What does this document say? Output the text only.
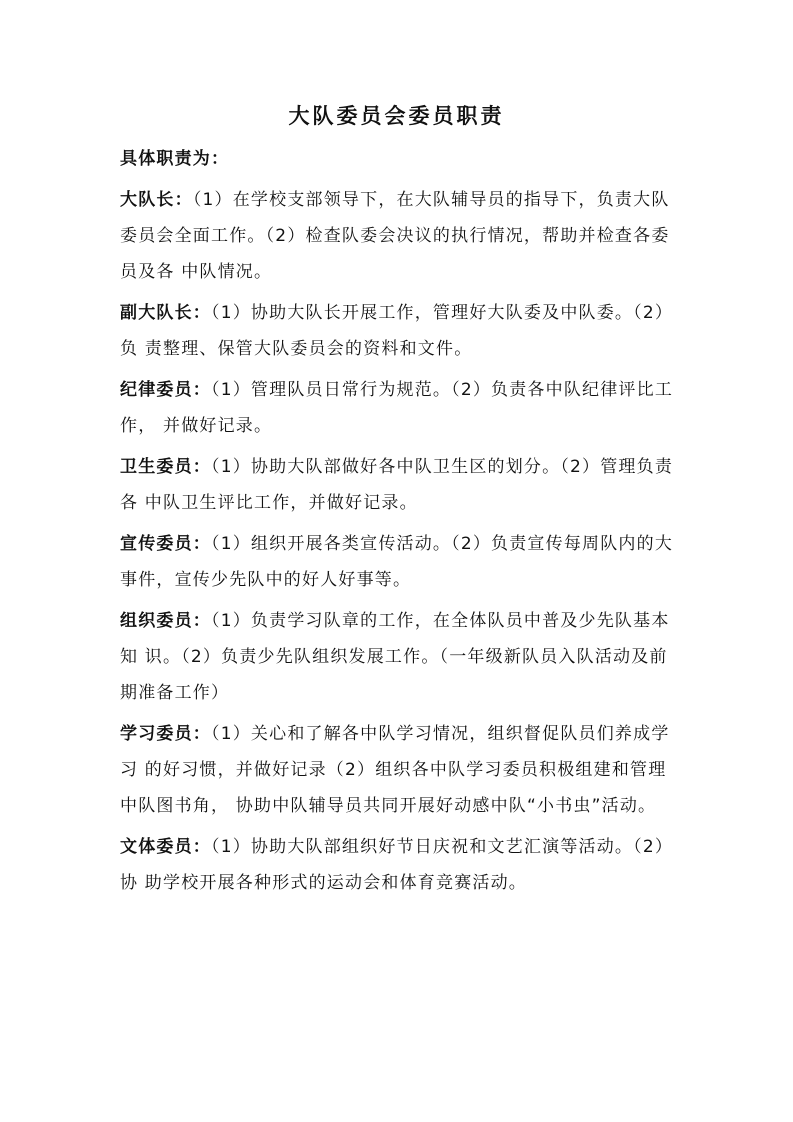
大队委员会委员职责

具体职责为：

大队长：（1）在学校支部领导下，在大队辅导员的指导下，负责大队委员会全面工作。（2）检查队委会决议的执行情况，帮助并检查各委员及各 中队情况。

副大队长：（1）协助大队长开展工作，管理好大队委及中队委。（2）负 责整理、保管大队委员会的资料和文件。

纪律委员：（1）管理队员日常行为规范。（2）负责各中队纪律评比工作， 并做好记录。

卫生委员：（1）协助大队部做好各中队卫生区的划分。（2）管理负责各 中队卫生评比工作，并做好记录。

宣传委员：（1）组织开展各类宣传活动。（2）负责宣传每周队内的大事件，宣传少先队中的好人好事等。

组织委员：（1）负责学习队章的工作，在全体队员中普及少先队基本知 识。（2）负责少先队组织发展工作。（一年级新队员入队活动及前期准备工作）

学习委员：（1）关心和了解各中队学习情况，组织督促队员们养成学习 的好习惯，并做好记录（2）组织各中队学习委员积极组建和管理中队图书角， 协助中队辅导员共同开展好动感中队“小书虫”活动。

文体委员：（1）协助大队部组织好节日庆祝和文艺汇演等活动。（2）协 助学校开展各种形式的运动会和体育竞赛活动。
